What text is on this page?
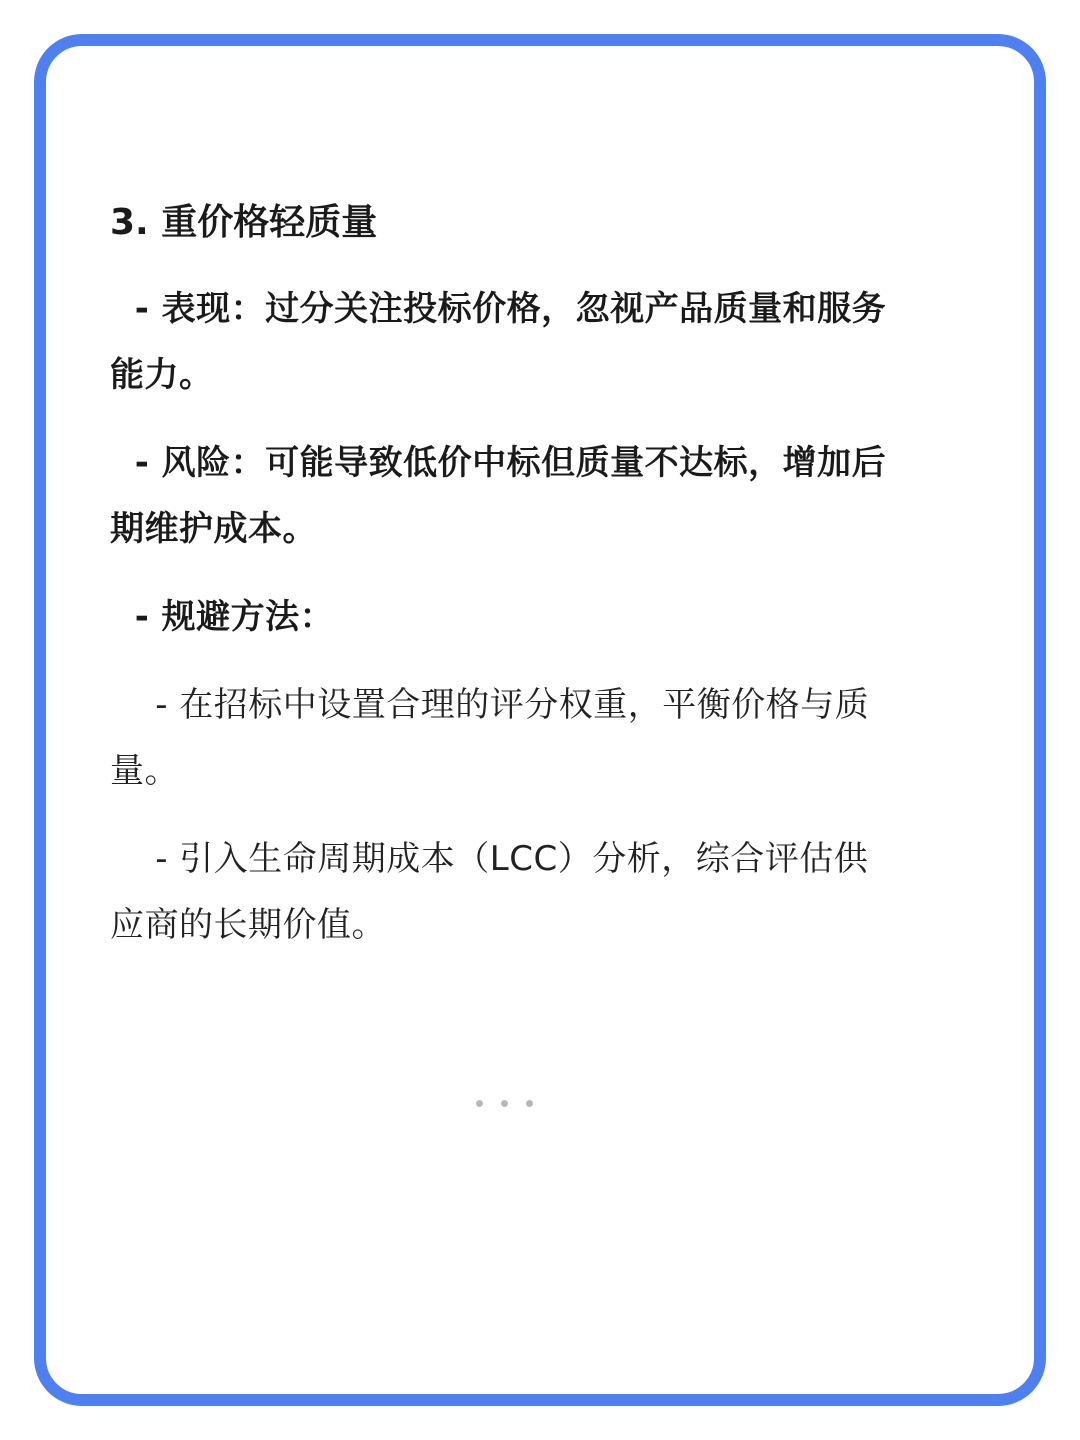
3. 重价格轻质量
- 表现：过分关注投标价格，忽视产品质量和服务能力。
- 风险：可能导致低价中标但质量不达标，增加后期维护成本。
- 规避方法：
- 在招标中设置合理的评分权重，平衡价格与质量。
- 引入生命周期成本（LCC）分析，综合评估供应商的长期价值。
